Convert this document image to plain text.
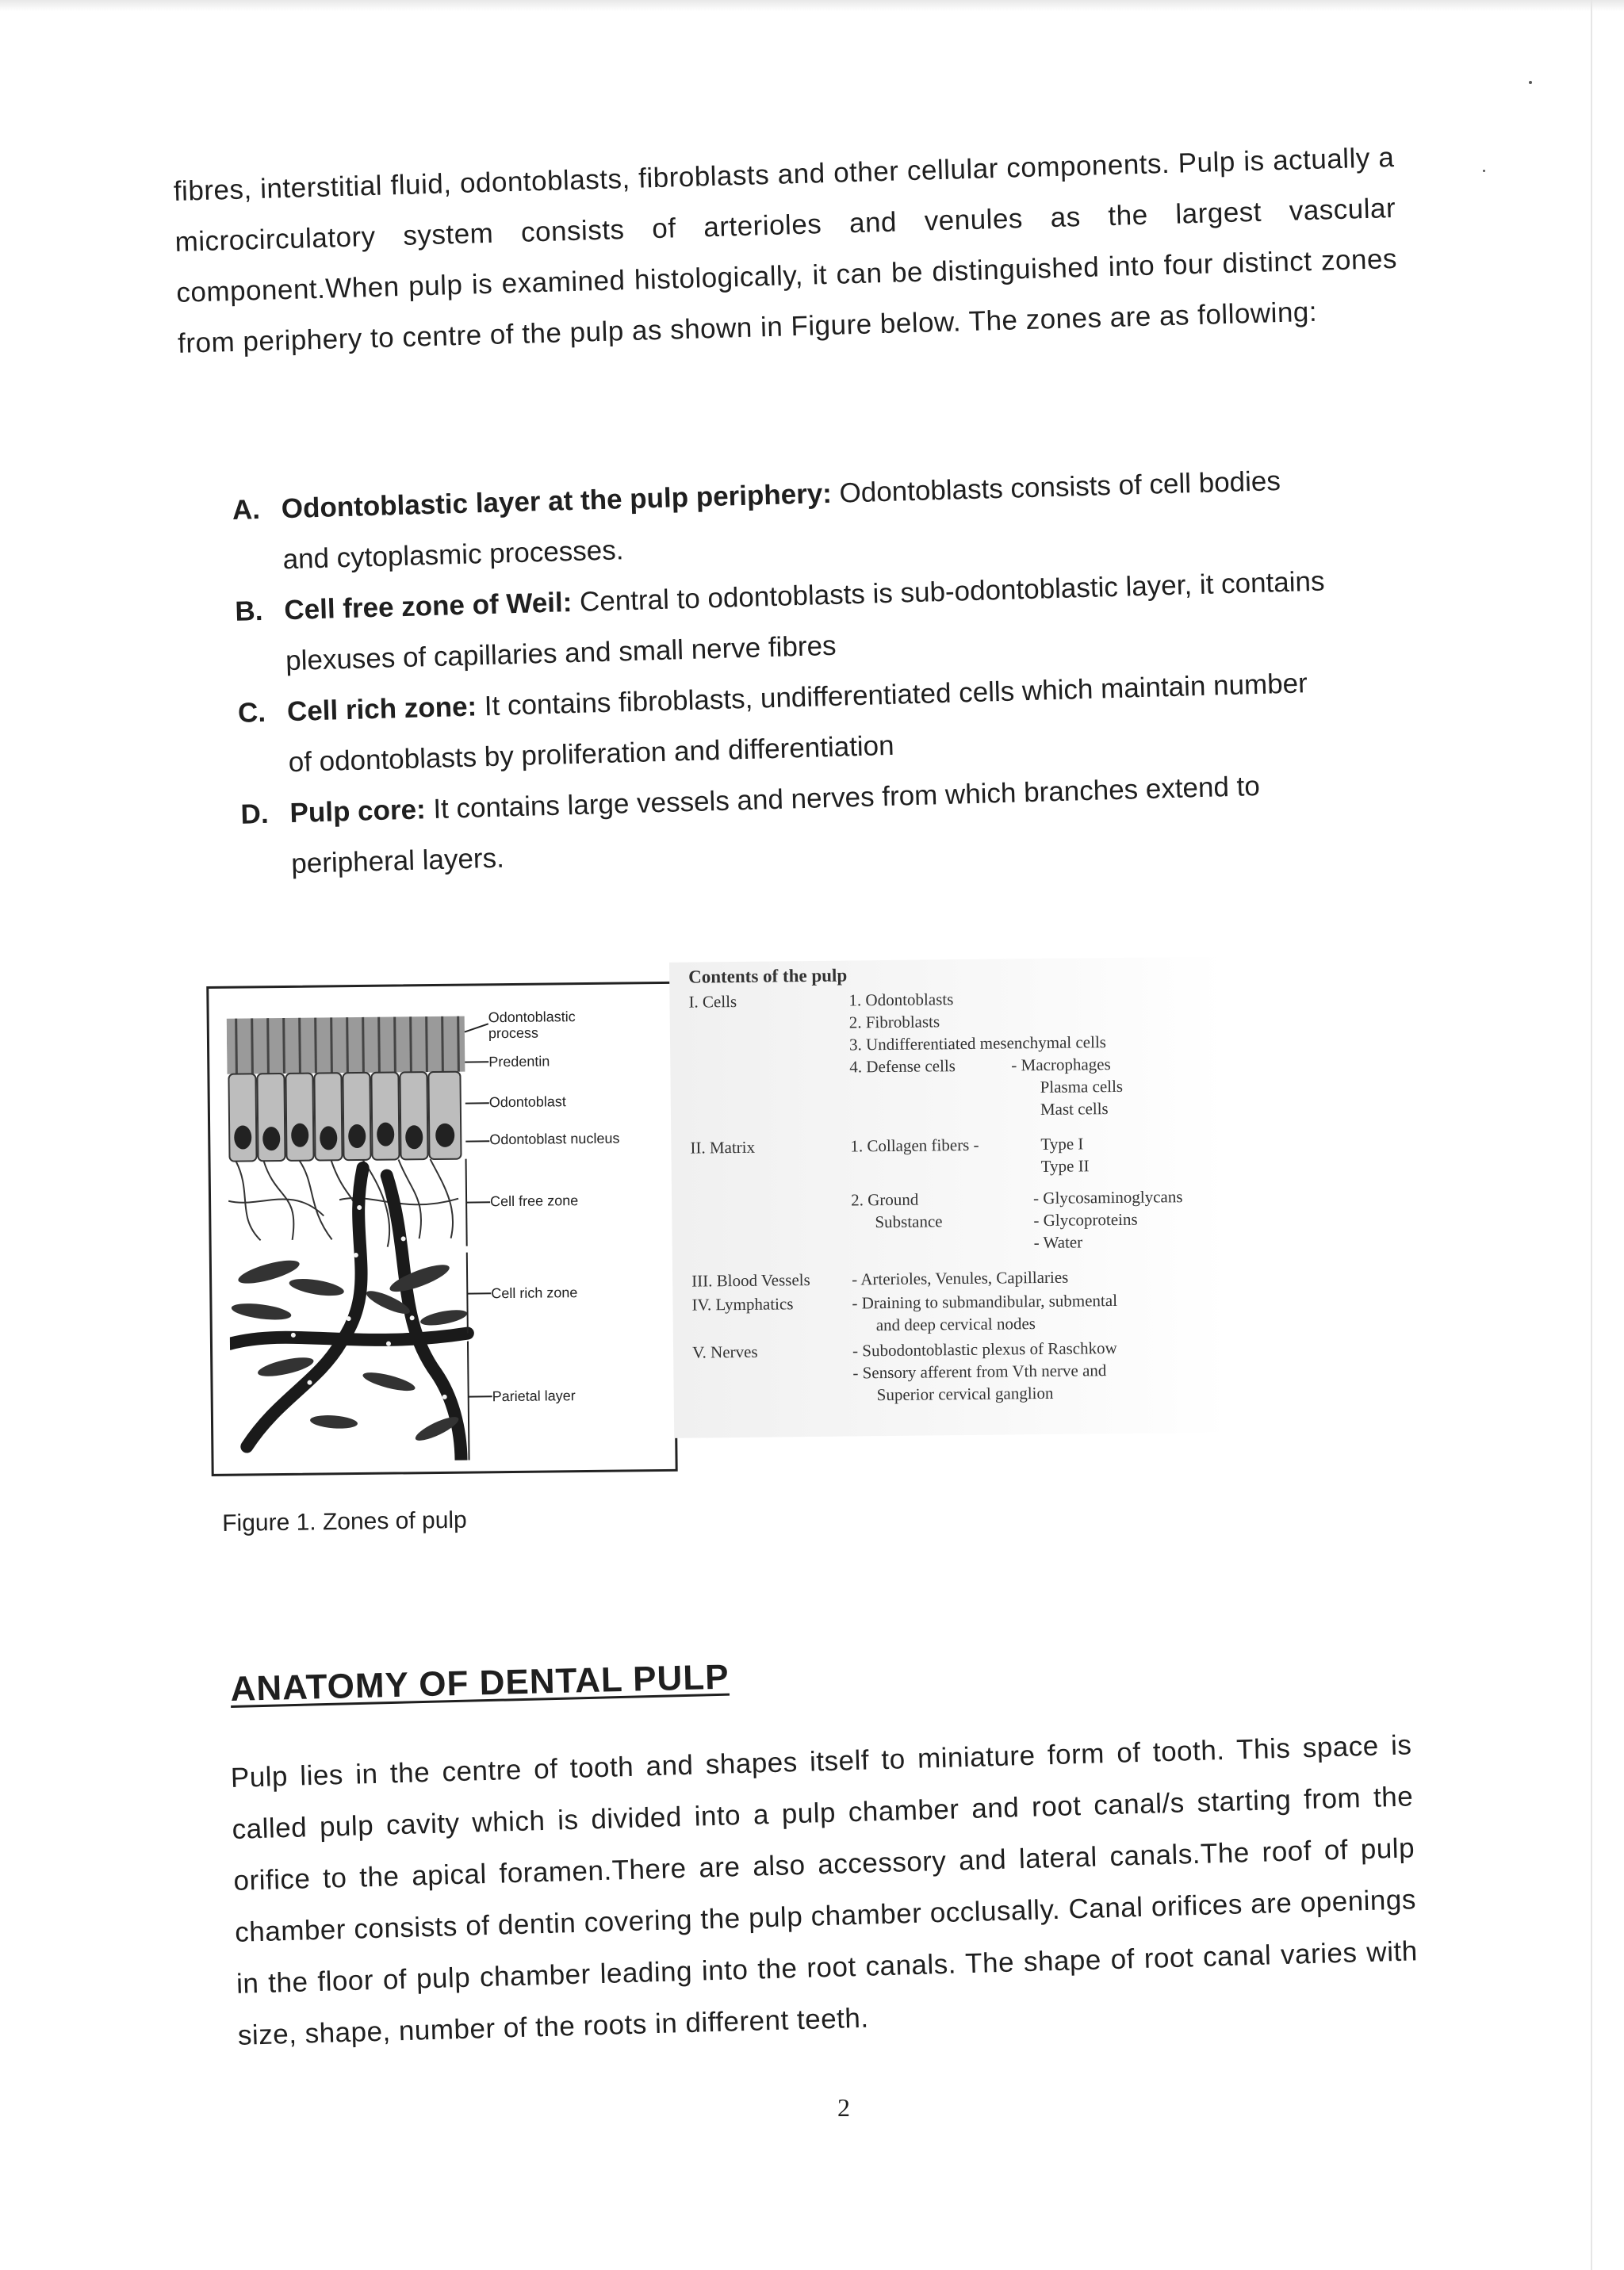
fibres, interstitial fluid, odontoblasts, fibroblasts and other cellular components. Pulp is actually a microcirculatory system consists of arterioles and venules as the largest vascular component.When pulp is examined histologically, it can be distinguished into four distinct zones from periphery to centre of the pulp as shown in Figure below. The zones are as following:

A. Odontoblastic layer at the pulp periphery: Odontoblasts consists of cell bodies
and cytoplasmic processes.
B. Cell free zone of Weil: Central to odontoblasts is sub-odontoblastic layer, it contains
plexuses of capillaries and small nerve fibres
C. Cell rich zone: It contains fibroblasts, undifferentiated cells which maintain number
of odontoblasts by proliferation and differentiation
D. Pulp core: It contains large vessels and nerves from which branches extend to
peripheral layers.
Odontoblastic
process
Predentin
Odontoblast
Odontoblast nucleus
Cell free zone
Cell rich zone
Parietal layer
Contents of the pulp
I. Cells	1. Odontoblasts
2. Fibroblasts
3. Undifferentiated mesenchymal cells
4. Defense cells	- Macrophages
Plasma cells
Mast cells
II. Matrix	1. Collagen fibers -	Type I
Type II
2. Ground
Substance
- Glycosaminoglycans
- Glycoproteins
- Water
III. Blood Vessels - Arterioles, Venules, Capillaries
IV. Lymphatics	- Draining to submandibular, submental
and deep cervical nodes
V. Nerves	- Subodontoblastic plexus of Raschkow
- Sensory afferent from Vth nerve and
Superior cervical ganglion
Figure 1. Zones of pulp
ANATOMY OF DENTAL PULP

Pulp lies in the centre of tooth and shapes itself to miniature form of tooth. This space is called pulp cavity which is divided into a pulp chamber and root canal/s starting from the orifice to the apical foramen.There are also accessory and lateral canals.The roof of pulp chamber consists of dentin covering the pulp chamber occlusally. Canal orifices are openings in the floor of pulp chamber leading into the root canals. The shape of root canal varies with size, shape, number of the roots in different teeth.

2
